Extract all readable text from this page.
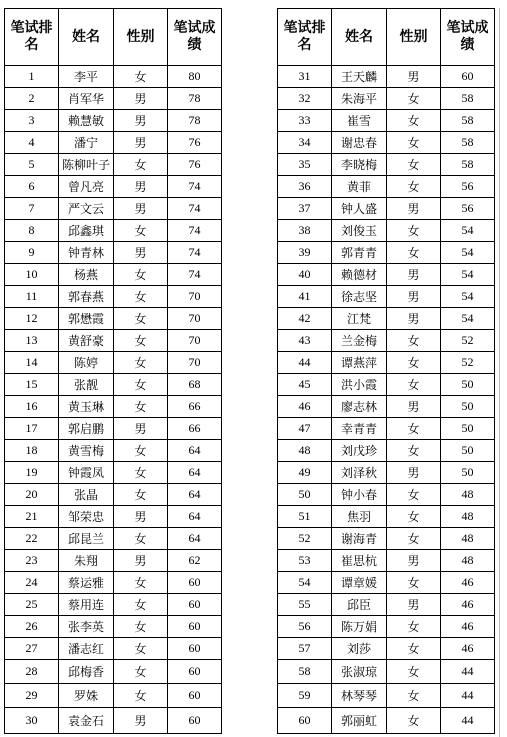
笔试排名	姓名	性别	笔试成绩
1	李平	女	80
2	肖军华	男	78
3	赖慧敏	男	78
4	潘宁	男	76
5	陈柳叶子	女	76
6	曾凡亮	男	74
7	严文云	男	74
8	邱鑫琪	女	74
9	钟青林	男	74
10	杨燕	女	74
11	郭春燕	女	70
12	郭懋霞	女	70
13	黄舒豪	女	70
14	陈婷	女	70
15	张靓	女	68
16	黄玉琳	女	66
17	郭启鹏	男	66
18	黄雪梅	女	64
19	钟霞凤	女	64
20	张晶	女	64
21	邹荣忠	男	64
22	邱昆兰	女	64
23	朱翔	男	62
24	蔡运雅	女	60
25	蔡用连	女	60
26	张李英	女	60
27	潘志红	女	60
28	邱梅香	女	60
29	罗姝	女	60
30	袁金石	男	60
笔试排名	姓名	性别	笔试成绩
31	王天麟	男	60
32	朱海平	女	58
33	崔雪	女	58
34	谢忠春	女	58
35	李晓梅	女	58
36	黄菲	女	56
37	钟人盛	男	56
38	刘俊玉	女	54
39	郭青青	女	54
40	赖德材	男	54
41	徐志坚	男	54
42	江梵	男	54
43	兰金梅	女	52
44	谭燕萍	女	52
45	洪小霞	女	50
46	廖志林	男	50
47	幸青青	女	50
48	刘戊珍	女	50
49	刘泽秋	男	50
50	钟小春	女	48
51	焦羽	女	48
52	谢海青	女	48
53	崔思杭	男	48
54	谭章媛	女	46
55	邱臣	男	46
56	陈万娟	女	46
57	刘莎	女	46
58	张淑琼	女	44
59	林琴琴	女	44
60	郭丽虹	女	44
